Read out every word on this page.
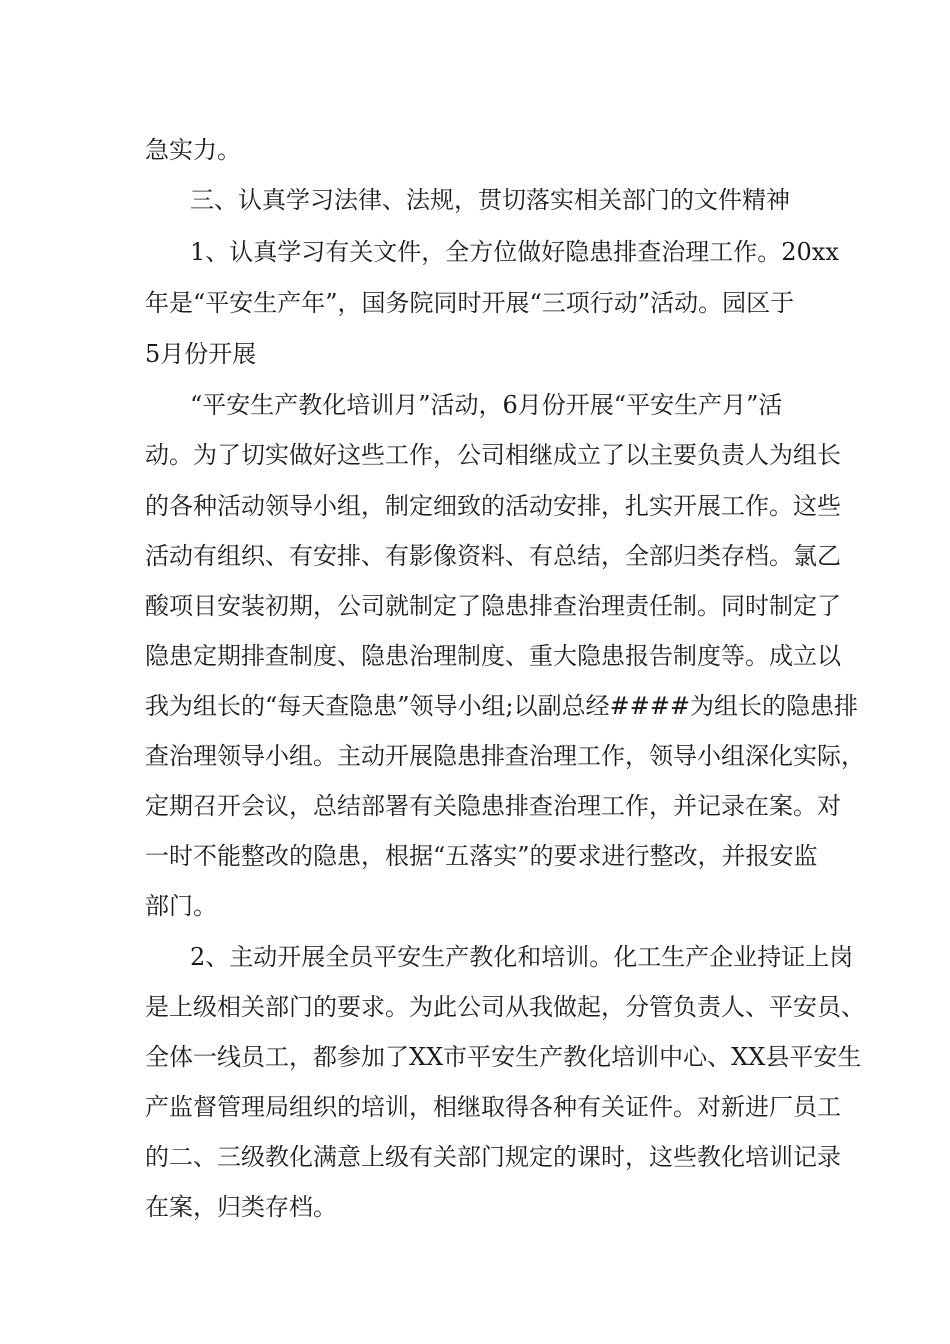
急实力。
三、认真学习法律、法规，贯切落实相关部门的文件精神
1、认真学习有关文件，全方位做好隐患排查治理工作。20xx
年是“平安生产年”，国务院同时开展“三项行动”活动。园区于
5月份开展
“平安生产教化培训月”活动，6月份开展“平安生产月”活
动。为了切实做好这些工作，公司相继成立了以主要负责人为组长
的各种活动领导小组，制定细致的活动安排，扎实开展工作。这些
活动有组织、有安排、有影像资料、有总结，全部归类存档。氯乙
酸项目安装初期，公司就制定了隐患排查治理责任制。同时制定了
隐患定期排查制度、隐患治理制度、重大隐患报告制度等。成立以
我为组长的“每天查隐患”领导小组;以副总经####为组长的隐患排
查治理领导小组。主动开展隐患排查治理工作，领导小组深化实际，
定期召开会议，总结部署有关隐患排查治理工作，并记录在案。对
一时不能整改的隐患，根据“五落实”的要求进行整改，并报安监
部门。
2、主动开展全员平安生产教化和培训。化工生产企业持证上岗
是上级相关部门的要求。为此公司从我做起，分管负责人、平安员、
全体一线员工，都参加了XX市平安生产教化培训中心、XX县平安生
产监督管理局组织的培训，相继取得各种有关证件。对新进厂员工
的二、三级教化满意上级有关部门规定的课时，这些教化培训记录
在案，归类存档。
